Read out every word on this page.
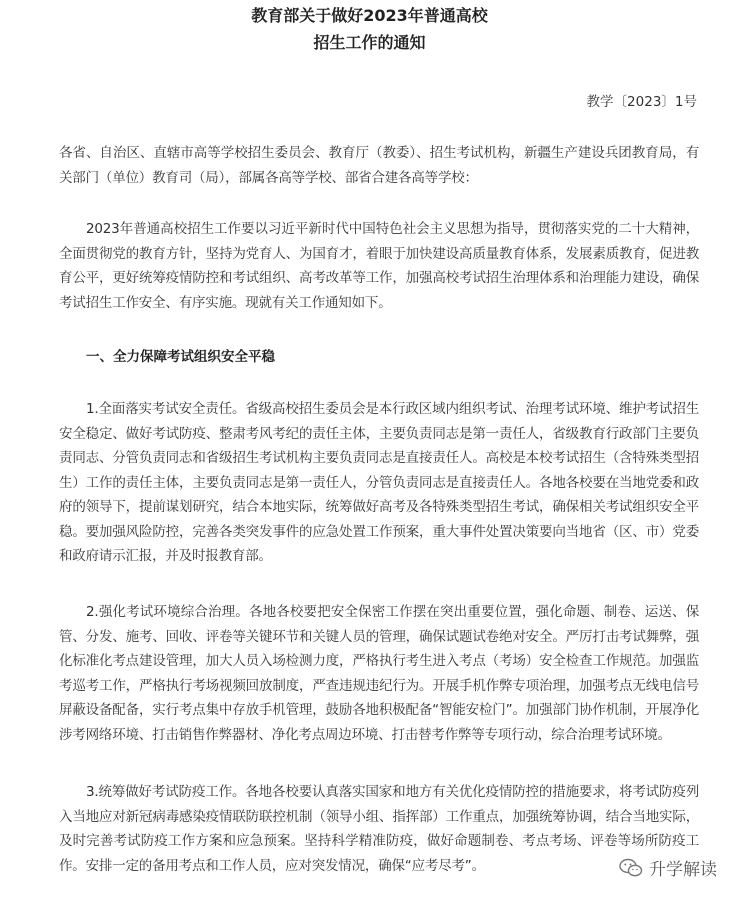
教育部关于做好2023年普通高校
招生工作的通知
教学〔2023〕1号

各省、自治区、直辖市高等学校招生委员会、教育厅（教委）、招生考试机构，新疆生产建设兵团教育局，有关部门（单位）教育司（局），部属各高等学校、部省合建各高等学校：

2023年普通高校招生工作要以习近平新时代中国特色社会主义思想为指导，贯彻落实党的二十大精神，全面贯彻党的教育方针，坚持为党育人、为国育才，着眼于加快建设高质量教育体系，发展素质教育，促进教育公平，更好统筹疫情防控和考试组织、高考改革等工作，加强高校考试招生治理体系和治理能力建设，确保考试招生工作安全、有序实施。现就有关工作通知如下。

一、全力保障考试组织安全平稳

1.全面落实考试安全责任。省级高校招生委员会是本行政区域内组织考试、治理考试环境、维护考试招生安全稳定、做好考试防疫、整肃考风考纪的责任主体，主要负责同志是第一责任人，省级教育行政部门主要负责同志、分管负责同志和省级招生考试机构主要负责同志是直接责任人。高校是本校考试招生（含特殊类型招生）工作的责任主体，主要负责同志是第一责任人，分管负责同志是直接责任人。各地各校要在当地党委和政府的领导下，提前谋划研究，结合本地实际，统筹做好高考及各特殊类型招生考试，确保相关考试组织安全平稳。要加强风险防控，完善各类突发事件的应急处置工作预案，重大事件处置决策要向当地省（区、市）党委和政府请示汇报，并及时报教育部。

2.强化考试环境综合治理。各地各校要把安全保密工作摆在突出重要位置，强化命题、制卷、运送、保管、分发、施考、回收、评卷等关键环节和关键人员的管理，确保试题试卷绝对安全。严厉打击考试舞弊，强化标准化考点建设管理，加大人员入场检测力度，严格执行考生进入考点（考场）安全检查工作规范。加强监考巡考工作，严格执行考场视频回放制度，严查违规违纪行为。开展手机作弊专项治理，加强考点无线电信号屏蔽设备配备，实行考点集中存放手机管理，鼓励各地积极配备“智能安检门”。加强部门协作机制，开展净化涉考网络环境、打击销售作弊器材、净化考点周边环境、打击替考作弊等专项行动，综合治理考试环境。

3.统筹做好考试防疫工作。各地各校要认真落实国家和地方有关优化疫情防控的措施要求，将考试防疫列入当地应对新冠病毒感染疫情联防联控机制（领导小组、指挥部）工作重点，加强统筹协调，结合当地实际，及时完善考试防疫工作方案和应急预案。坚持科学精准防疫，做好命题制卷、考点考场、评卷等场所防疫工作。安排一定的备用考点和工作人员，应对突发情况，确保“应考尽考”。	升学解读
